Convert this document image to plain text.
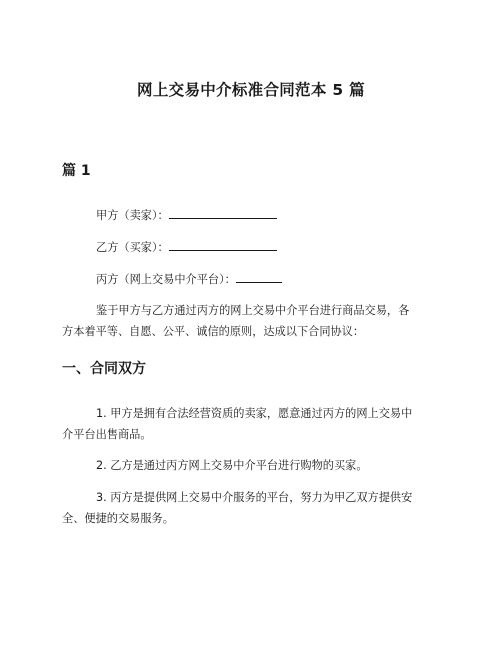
网上交易中介标准合同范本 5 篇
篇 1
甲方（卖家）：
乙方（买家）：
丙方（网上交易中介平台）：
鉴于甲方与乙方通过丙方的网上交易中介平台进行商品交易，各
方本着平等、自愿、公平、诚信的原则，达成以下合同协议：
一、合同双方
1. 甲方是拥有合法经营资质的卖家，愿意通过丙方的网上交易中
介平台出售商品。
2. 乙方是通过丙方网上交易中介平台进行购物的买家。
3. 丙方是提供网上交易中介服务的平台，努力为甲乙双方提供安
全、便捷的交易服务。
